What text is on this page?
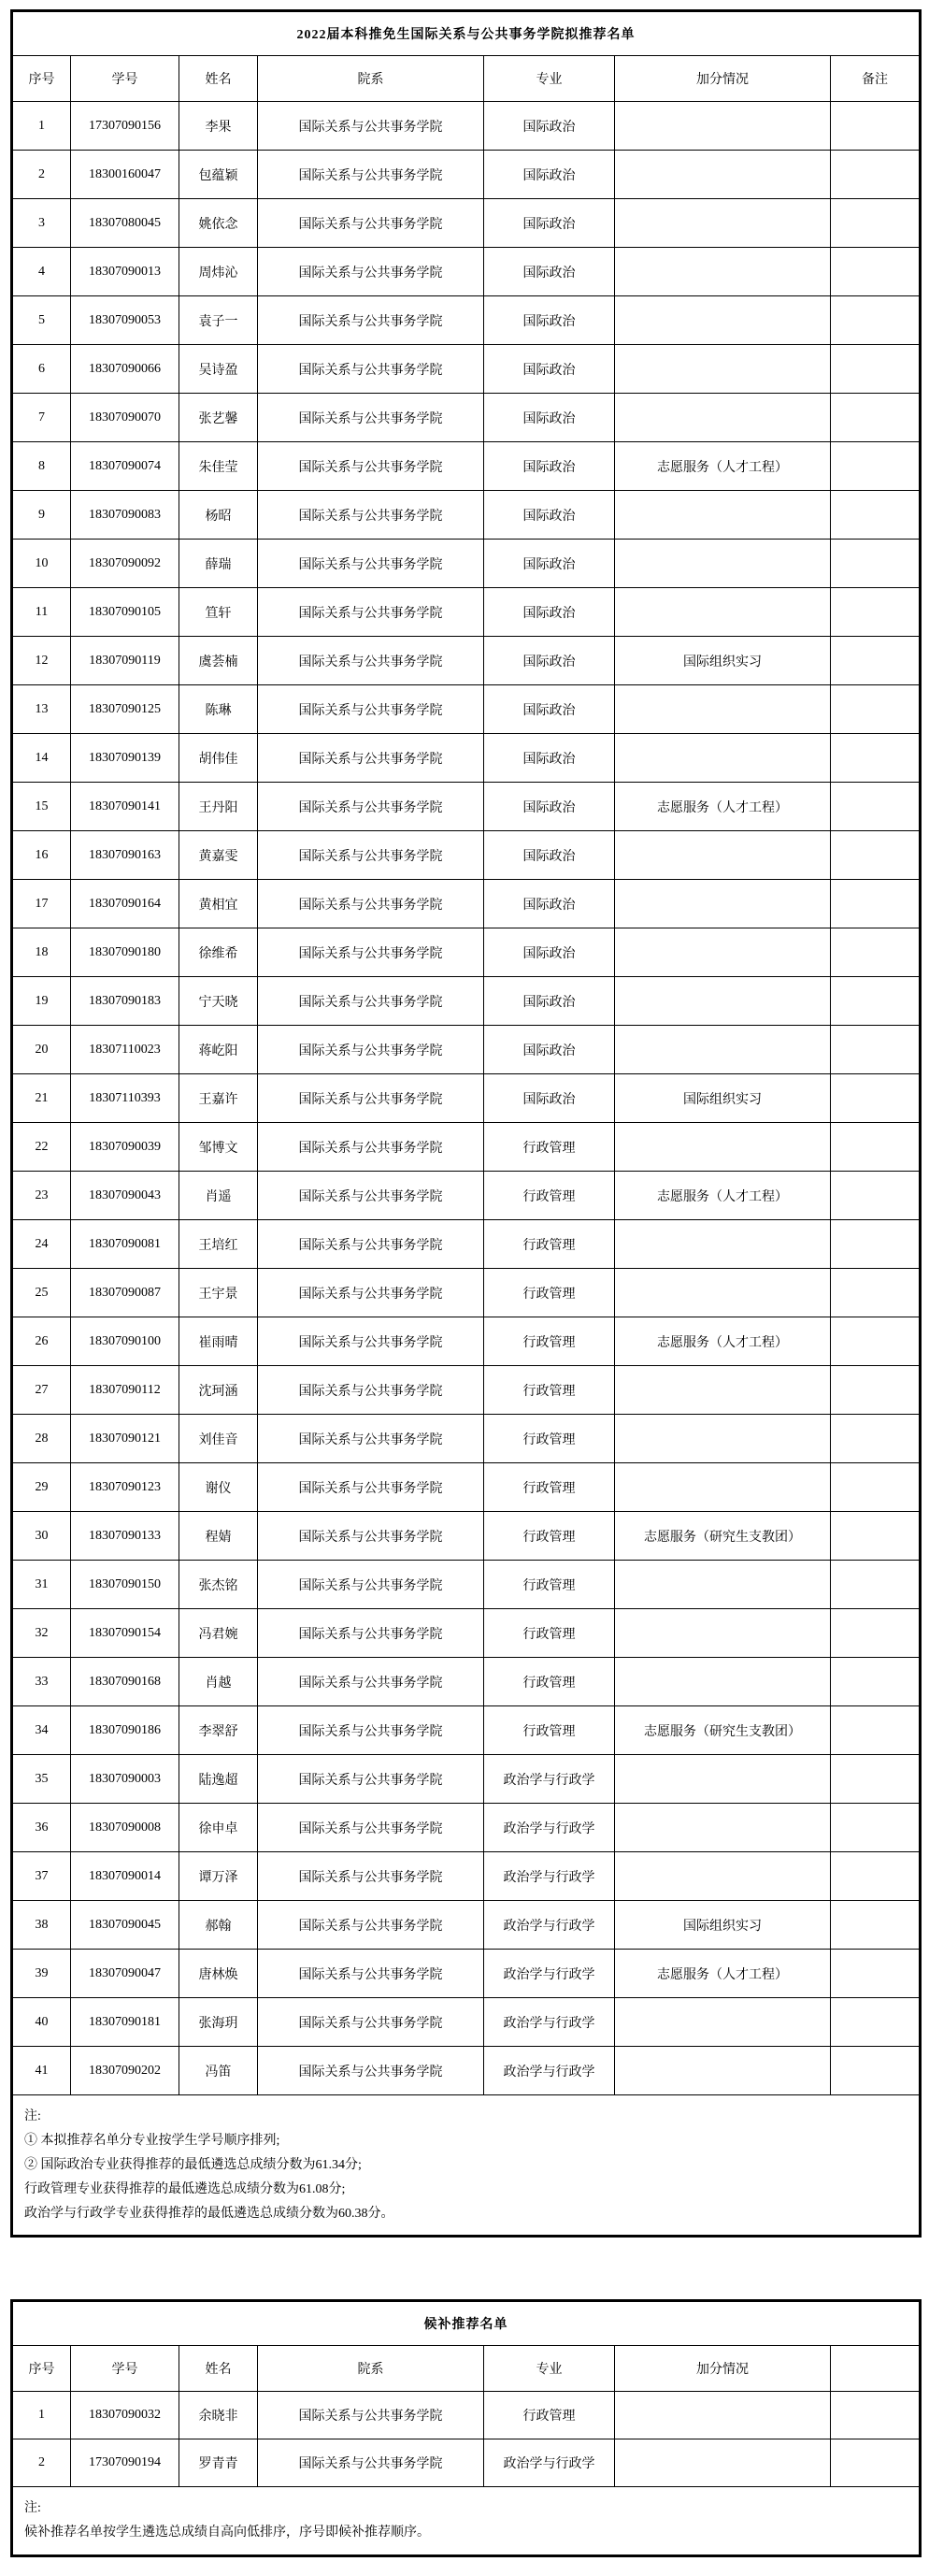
2022届本科推免生国际关系与公共事务学院拟推荐名单						
序号	学号	姓名	院系	专业	加分情况	备注
1	17307090156	李果	国际关系与公共事务学院	国际政治		
2	18300160047	包蕴颖	国际关系与公共事务学院	国际政治		
3	18307080045	姚依念	国际关系与公共事务学院	国际政治		
4	18307090013	周炜沁	国际关系与公共事务学院	国际政治		
5	18307090053	袁子一	国际关系与公共事务学院	国际政治		
6	18307090066	吴诗盈	国际关系与公共事务学院	国际政治		
7	18307090070	张艺馨	国际关系与公共事务学院	国际政治		
8	18307090074	朱佳莹	国际关系与公共事务学院	国际政治	志愿服务（人才工程）	
9	18307090083	杨昭	国际关系与公共事务学院	国际政治		
10	18307090092	薛瑞	国际关系与公共事务学院	国际政治		
11	18307090105	笪轩	国际关系与公共事务学院	国际政治		
12	18307090119	虞荟楠	国际关系与公共事务学院	国际政治	国际组织实习	
13	18307090125	陈琳	国际关系与公共事务学院	国际政治		
14	18307090139	胡伟佳	国际关系与公共事务学院	国际政治		
15	18307090141	王丹阳	国际关系与公共事务学院	国际政治	志愿服务（人才工程）	
16	18307090163	黄嘉雯	国际关系与公共事务学院	国际政治		
17	18307090164	黄相宜	国际关系与公共事务学院	国际政治		
18	18307090180	徐维希	国际关系与公共事务学院	国际政治		
19	18307090183	宁天晓	国际关系与公共事务学院	国际政治		
20	18307110023	蒋屹阳	国际关系与公共事务学院	国际政治		
21	18307110393	王嘉许	国际关系与公共事务学院	国际政治	国际组织实习	
22	18307090039	邹博文	国际关系与公共事务学院	行政管理		
23	18307090043	肖遥	国际关系与公共事务学院	行政管理	志愿服务（人才工程）	
24	18307090081	王培红	国际关系与公共事务学院	行政管理		
25	18307090087	王宇景	国际关系与公共事务学院	行政管理		
26	18307090100	崔雨晴	国际关系与公共事务学院	行政管理	志愿服务（人才工程）	
27	18307090112	沈珂涵	国际关系与公共事务学院	行政管理		
28	18307090121	刘佳音	国际关系与公共事务学院	行政管理		
29	18307090123	谢仪	国际关系与公共事务学院	行政管理		
30	18307090133	程婧	国际关系与公共事务学院	行政管理	志愿服务（研究生支教团）	
31	18307090150	张杰铭	国际关系与公共事务学院	行政管理		
32	18307090154	冯君婉	国际关系与公共事务学院	行政管理		
33	18307090168	肖越	国际关系与公共事务学院	行政管理		
34	18307090186	李翠舒	国际关系与公共事务学院	行政管理	志愿服务（研究生支教团）	
35	18307090003	陆逸超	国际关系与公共事务学院	政治学与行政学		
36	18307090008	徐申卓	国际关系与公共事务学院	政治学与行政学		
37	18307090014	谭万泽	国际关系与公共事务学院	政治学与行政学		
38	18307090045	郝翰	国际关系与公共事务学院	政治学与行政学	国际组织实习	
39	18307090047	唐林焕	国际关系与公共事务学院	政治学与行政学	志愿服务（人才工程）	
40	18307090181	张海玥	国际关系与公共事务学院	政治学与行政学		
41	18307090202	冯笛	国际关系与公共事务学院	政治学与行政学		

注:
① 本拟推荐名单分专业按学生学号顺序排列;
② 国际政治专业获得推荐的最低遴选总成绩分数为61.34分;
行政管理专业获得推荐的最低遴选总成绩分数为61.08分;
政治学与行政学专业获得推荐的最低遴选总成绩分数为60.38分。						
候补推荐名单						
序号	学号	姓名	院系	专业	加分情况	
1	18307090032	余晓非	国际关系与公共事务学院	行政管理		
2	17307090194	罗青青	国际关系与公共事务学院	政治学与行政学		

注:
候补推荐名单按学生遴选总成绩自高向低排序，序号即候补推荐顺序。						
